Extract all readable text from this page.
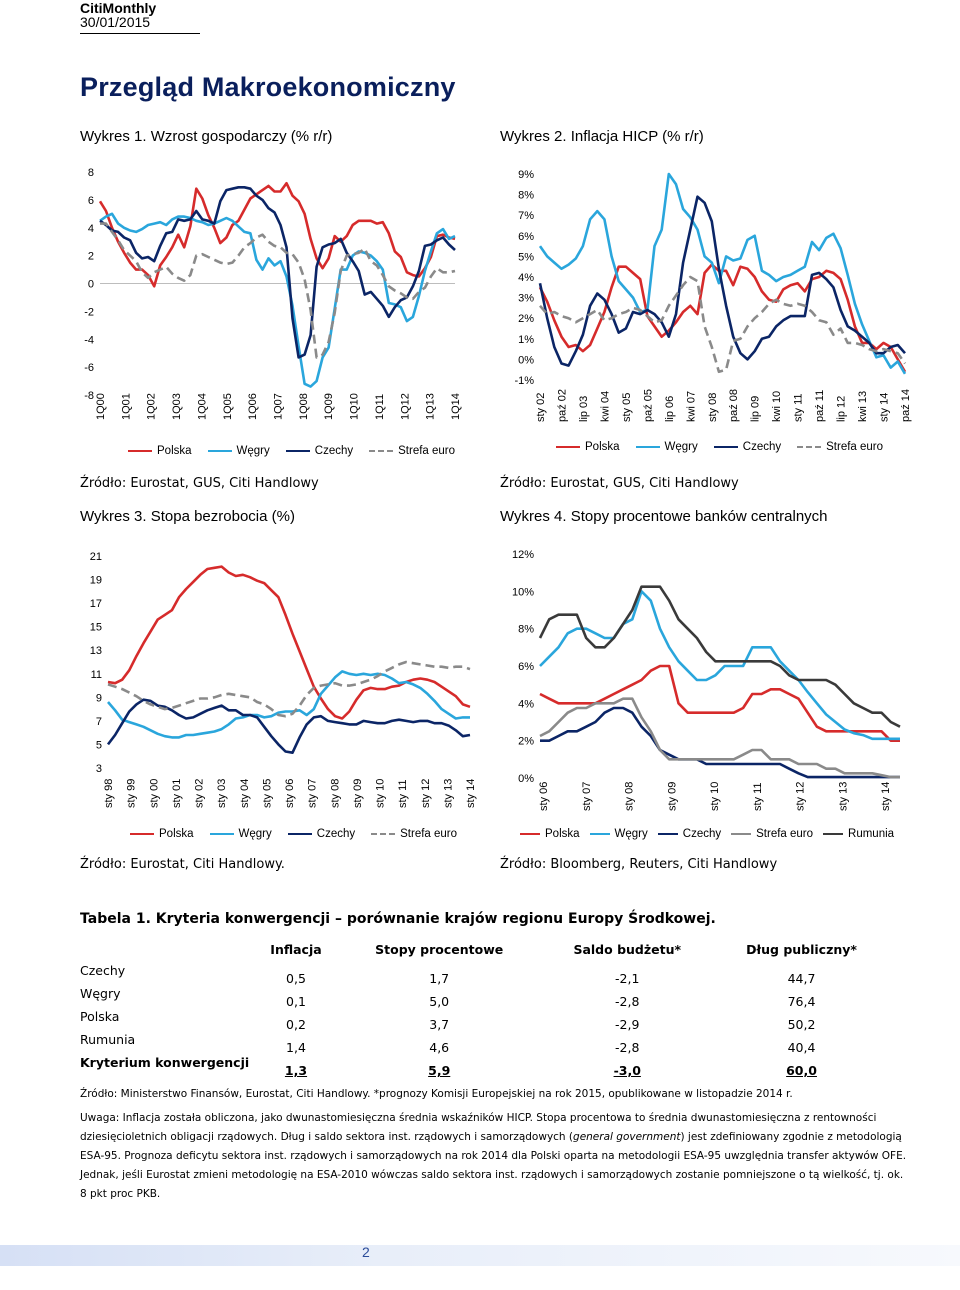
CitiMonthly
30/01/2015
Przegląd Makroekonomiczny
Wykres 1. Wzrost gospodarczy (% r/r)
8
6
4
2
0
-2
-4
-6
-8 1Q00 1Q01 1Q02 1Q03 1Q04 1Q05 1Q06 1Q07 1Q08 1Q09 1Q10 1Q11 1Q12 1Q13 1Q14
Polska	Węgry	Czechy	Strefa euro
Źródło: Eurostat, GUS, Citi Handlowy
Wykres 2. Inflacja HICP (% r/r)
9%
8%
7%
6%
5%
4%
3%
2%
1%
0%
-1%
sty 02 paź 02 lip 03 kwi 04 sty 05 paź 05 lip 06 kwi 07 sty 08 paź 08 lip 09 kwi 10 sty 11 paź 11 lip 12 kwi 13 sty 14 paź 14
Polska	Węgry	Czechy	Strefa euro
Źródło: Eurostat, GUS, Citi Handlowy
Wykres 3. Stopa bezrobocia (%)
21
19
17
15
13
11
9
7
5
3
sty 98 sty 99 sty 00 sty 01 sty 02 sty 03 sty 04 sty 05 sty 06 sty 07 sty 08 sty 09 sty 10 sty 11 sty 12 sty 13 sty 14
Polska	Węgry	Czechy	Strefa euro
Źródło: Eurostat, Citi Handlowy.
Wykres 4. Stopy procentowe banków centralnych
12%
10%
8%
6%
4%
2%
0%
sty 06	sty 07	sty 08	sty 09	sty 10	sty 11	sty 12	sty 13	sty 14
Polska	Węgry	Czechy	Strefa euro	Rumunia
Źródło: Bloomberg, Reuters, Citi Handlowy
Tabela 1. Kryteria konwergencji – porównanie krajów regionu Europy Środkowej.
	Inflacja	Stopy procentowe	Saldo budżetu*	Dług publiczny*
Czechy	0,5	1,7	-2,1	44,7
Węgry	0,1	5,0	-2,8	76,4
Polska	0,2	3,7	-2,9	50,2
Rumunia	1,4	4,6	-2,8	40,4
Kryterium konwergencji	1,3	5,9	-3,0	60,0
Źródło: Ministerstwo Finansów, Eurostat, Citi Handlowy. *prognozy Komisji Europejskiej na rok 2015, opublikowane w listopadzie 2014 r.
Uwaga: Inflacja została obliczona, jako dwunastomiesięczna średnia wskaźników HICP. Stopa procentowa to średnia dwunastomiesięczna z rentowności dziesięcioletnich obligacji rządowych. Dług i saldo sektora inst. rządowych i samorządowych (general government) jest zdefiniowany zgodnie z metodologią ESA-95. Prognoza deficytu sektora inst. rządowych i samorządowych na rok 2014 dla Polski oparta na metodologii ESA-95 uwzględnia transfer aktywów OFE. Jednak, jeśli Eurostat zmieni metodologię na ESA-2010 wówczas saldo sektora inst. rządowych i samorządowych zostanie pomniejszone o tą wielkość, tj. ok. 8 pkt proc PKB.
2
